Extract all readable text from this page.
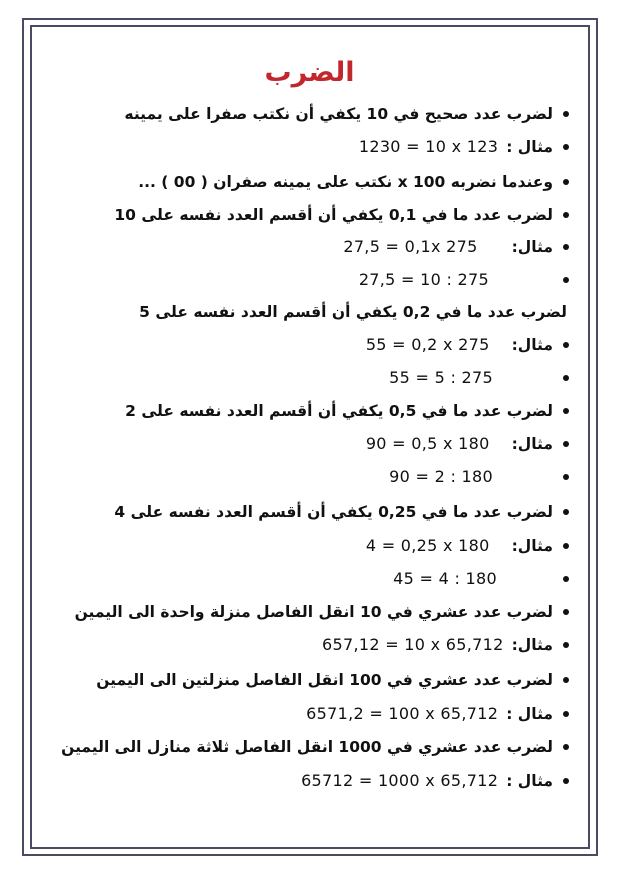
الضرب
لضرب عدد صحيح في 10 يكفي أن نكتب صفرا على يمينه
مثال :
1230 = 10 x 123
وعندما نضربه x 100 نكتب على يمينه صفران ( 00 ) ...
لضرب عدد ما في 0,1 يكفي أن أقسم العدد نفسه على 10
مثال:
27,5 = 0,1x 275
27,5 = 10 : 275
لضرب عدد ما في 0,2 يكفي أن أقسم العدد نفسه على 5
مثال:
55 = 0,2 x 275
55 = 5 : 275
لضرب عدد ما في 0,5 يكفي أن أقسم العدد نفسه على 2
مثال:
90 = 0,5 x 180
90 = 2 : 180
لضرب عدد ما في 0,25 يكفي أن أقسم العدد نفسه على 4
مثال:
4 = 0,25 x 180
45 = 4 : 180
لضرب عدد عشري في 10 انقل الفاصل منزلة واحدة الى اليمين
مثال:
657,12 = 10 x 65,712
لضرب عدد عشري في 100 انقل الفاصل منزلتين الى اليمين
مثال :
6571,2 = 100 x 65,712
لضرب عدد عشري في 1000 انقل الفاصل ثلاثة منازل الى اليمين
مثال :
65712 = 1000 x 65,712
